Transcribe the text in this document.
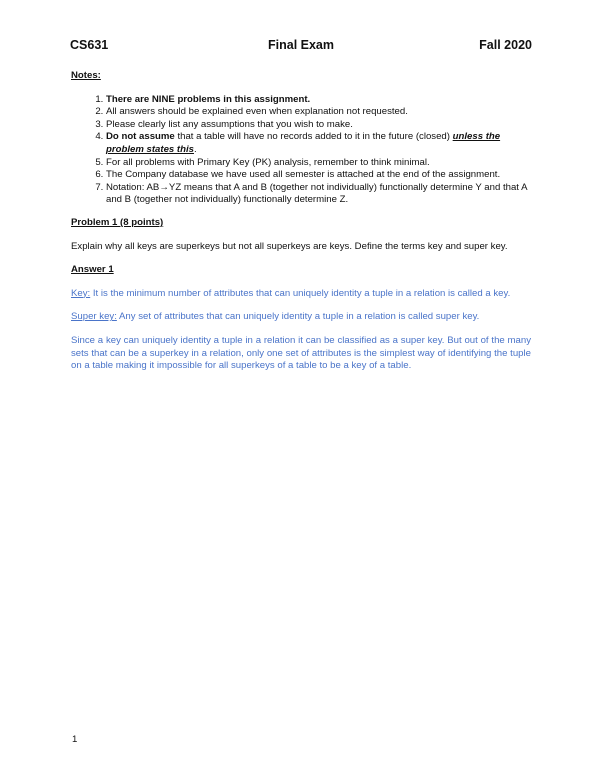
CS631	Final Exam	Fall 2020
Notes:
1. There are NINE problems in this assignment.
2. All answers should be explained even when explanation not requested.
3. Please clearly list any assumptions that you wish to make.
4. Do not assume that a table will have no records added to it in the future (closed) unless the problem states this.
5. For all problems with Primary Key (PK) analysis, remember to think minimal.
6. The Company database we have used all semester is attached at the end of the assignment.
7. Notation: AB→YZ means that A and B (together not individually) functionally determine Y and that A and B (together not individually) functionally determine Z.
Problem 1 (8 points)

Explain why all keys are superkeys but not all superkeys are keys. Define the terms key and super key.

Answer 1

Key: It is the minimum number of attributes that can uniquely identity a tuple in a relation is called a key.

Super key: Any set of attributes that can uniquely identity a tuple in a relation is called super key.

Since a key can uniquely identity a tuple in a relation it can be classified as a super key. But out of the many sets that can be a superkey in a relation, only one set of attributes is the simplest way of identifying the tuple on a table making it impossible for all superkeys of a table to be a key of a table.

1
